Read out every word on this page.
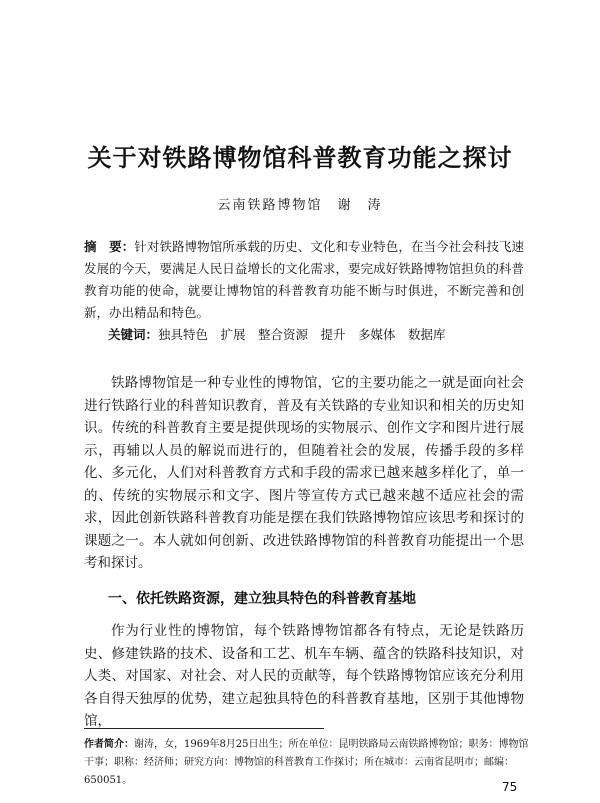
关于对铁路博物馆科普教育功能之探讨
云南铁路博物馆　谢　涛
摘　要：针对铁路博物馆所承载的历史、文化和专业特色，在当今社会科技飞速发展的今天，要满足人民日益增长的文化需求，要完成好铁路博物馆担负的科普教育功能的使命，就要让博物馆的科普教育功能不断与时俱进，不断完善和创新，办出精品和特色。
关键词：独具特色　扩展　整合资源　提升　多媒体　数据库
铁路博物馆是一种专业性的博物馆，它的主要功能之一就是面向社会进行铁路行业的科普知识教育，普及有关铁路的专业知识和相关的历史知识。传统的科普教育主要是提供现场的实物展示、创作文字和图片进行展示，再辅以人员的解说而进行的，但随着社会的发展，传播手段的多样化、多元化，人们对科普教育方式和手段的需求已越来越多样化了，单一的、传统的实物展示和文字、图片等宣传方式已越来越不适应社会的需求，因此创新铁路科普教育功能是摆在我们铁路博物馆应该思考和探讨的课题之一。本人就如何创新、改进铁路博物馆的科普教育功能提出一个思考和探讨。
一、依托铁路资源，建立独具特色的科普教育基地
作为行业性的博物馆，每个铁路博物馆都各有特点，无论是铁路历史、修建铁路的技术、设备和工艺、机车车辆、蕴含的铁路科技知识，对人类、对国家、对社会、对人民的贡献等，每个铁路博物馆应该充分利用各自得天独厚的优势，建立起独具特色的科普教育基地，区别于其他博物馆，
作者简介：谢涛，女，1969年8月25日出生；所在单位：昆明铁路局云南铁路博物馆；职务：博物馆干事；职称：经济师；研究方向：博物馆的科普教育工作探讨；所在城市：云南省昆明市；邮编：650051。	75
